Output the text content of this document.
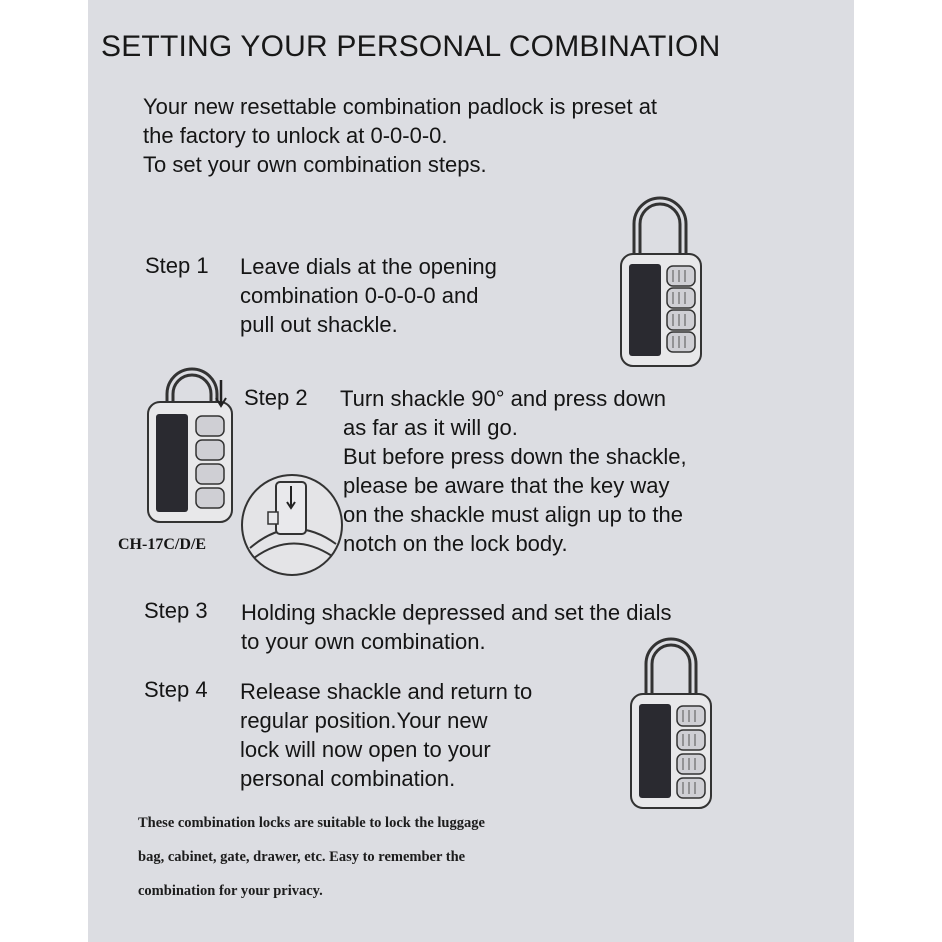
SETTING YOUR PERSONAL COMBINATION
Your new resettable combination padlock is preset at
the factory to unlock at 0-0-0-0.
To set your own combination steps.
Step 1 Leave dials at the opening
combination 0-0-0-0 and
pull out shackle.
CH-17C/D/E
Step 2 Turn shackle 90° and press down
as far as it will go.
But before press down the shackle,
please be aware that the key way
on the shackle must align up to the
notch on the lock body.
Step 3 Holding shackle depressed and set the dials
to your own combination.
Step 4 Release shackle and return to
regular position.Your new
lock will now open to your
personal combination.
These combination locks are suitable to lock the luggage
bag, cabinet, gate, drawer, etc. Easy to remember the
combination for your privacy.
